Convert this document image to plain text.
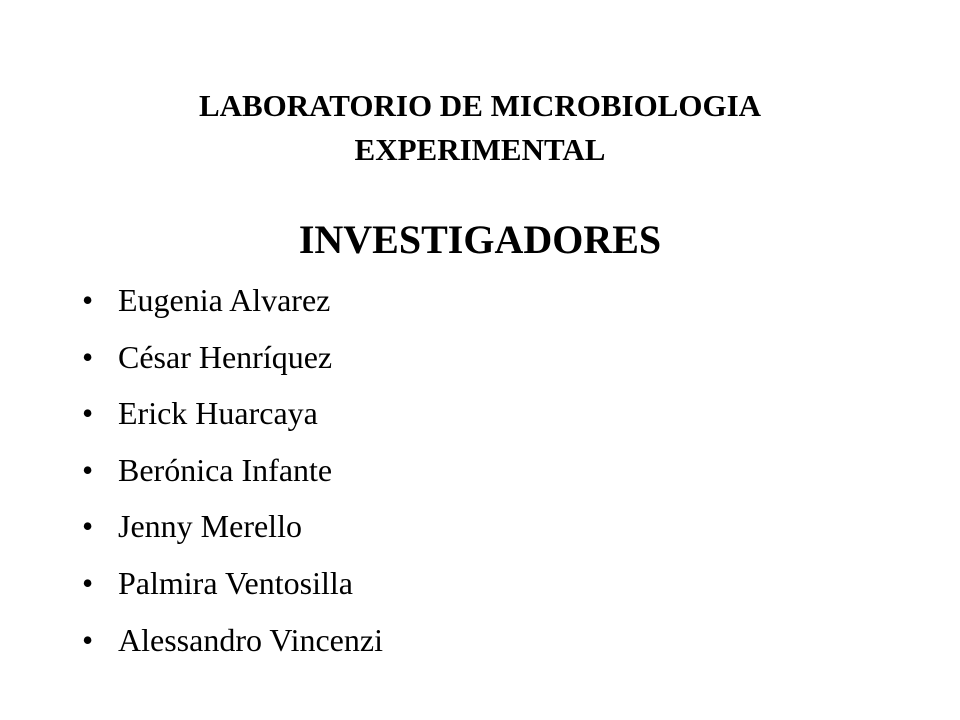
LABORATORIO DE MICROBIOLOGIA
EXPERIMENTAL
INVESTIGADORES
• Eugenia Alvarez
• César Henríquez
• Erick Huarcaya
• Berónica Infante
• Jenny Merello
• Palmira Ventosilla
• Alessandro Vincenzi
